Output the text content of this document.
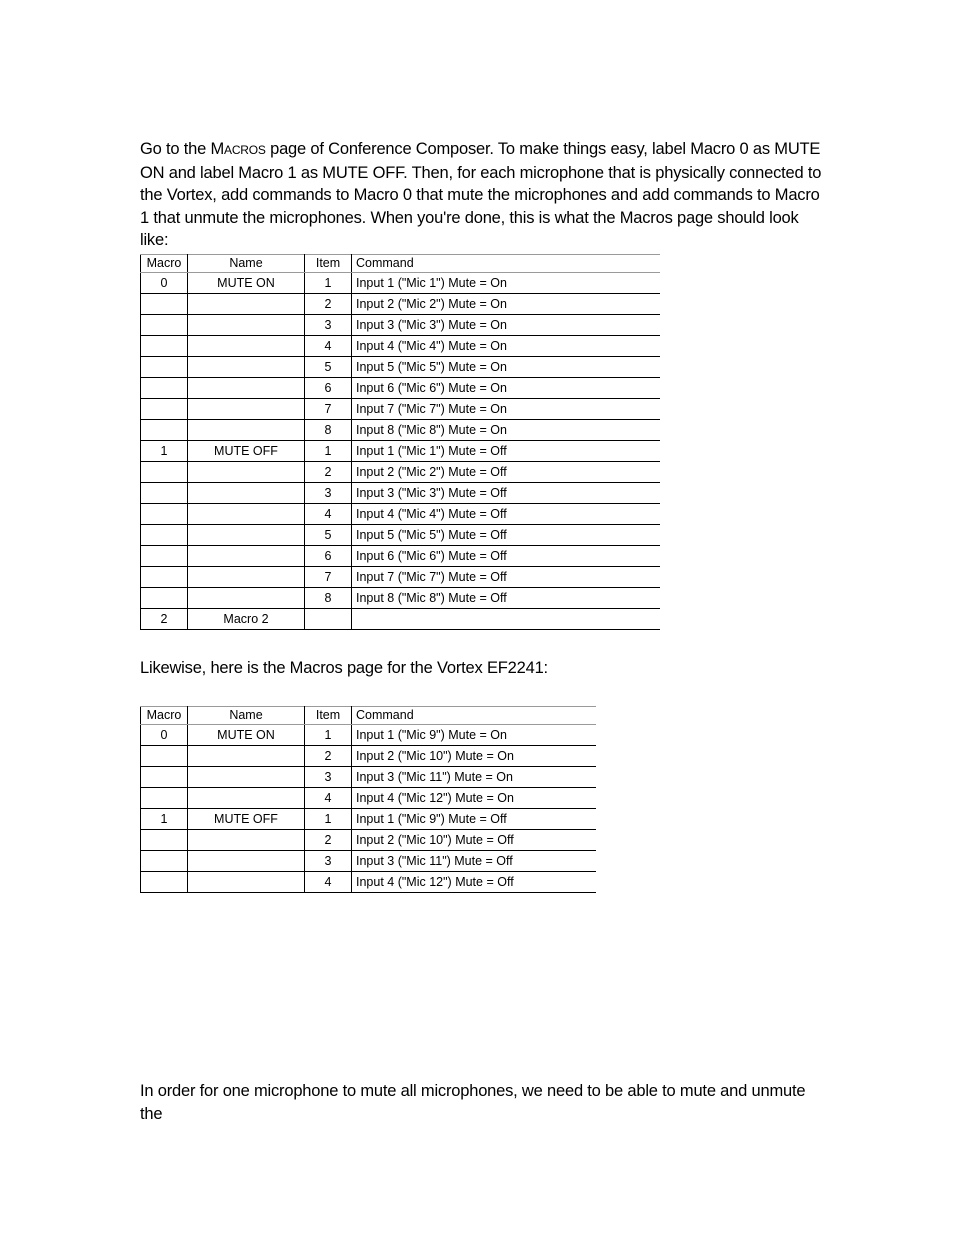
Go to the MACROS page of Conference Composer. To make things easy, label Macro 0 as MUTE ON and label Macro 1 as MUTE OFF. Then, for each microphone that is physically connected to the Vortex, add commands to Macro 0 that mute the microphones and add commands to Macro 1 that unmute the microphones. When you're done, this is what the Macros page should look like:
Macro	Name	Item	Command
0	MUTE ON	1	Input 1 ("Mic 1") Mute = On
		2	Input 2 ("Mic 2") Mute = On
		3	Input 3 ("Mic 3") Mute = On
		4	Input 4 ("Mic 4") Mute = On
		5	Input 5 ("Mic 5") Mute = On
		6	Input 6 ("Mic 6") Mute = On
		7	Input 7 ("Mic 7") Mute = On
		8	Input 8 ("Mic 8") Mute = On
1	MUTE OFF	1	Input 1 ("Mic 1") Mute = Off
		2	Input 2 ("Mic 2") Mute = Off
		3	Input 3 ("Mic 3") Mute = Off
		4	Input 4 ("Mic 4") Mute = Off
		5	Input 5 ("Mic 5") Mute = Off
		6	Input 6 ("Mic 6") Mute = Off
		7	Input 7 ("Mic 7") Mute = Off
		8	Input 8 ("Mic 8") Mute = Off
2	Macro 2		
Likewise, here is the Macros page for the Vortex EF2241:
Macro	Name	Item	Command
0	MUTE ON	1	Input 1 ("Mic 9") Mute = On
		2	Input 2 ("Mic 10") Mute = On
		3	Input 3 ("Mic 11") Mute = On
		4	Input 4 ("Mic 12") Mute = On
1	MUTE OFF	1	Input 1 ("Mic 9") Mute = Off
		2	Input 2 ("Mic 10") Mute = Off
		3	Input 3 ("Mic 11") Mute = Off
		4	Input 4 ("Mic 12") Mute = Off
In order for one microphone to mute all microphones, we need to be able to mute and unmute the
